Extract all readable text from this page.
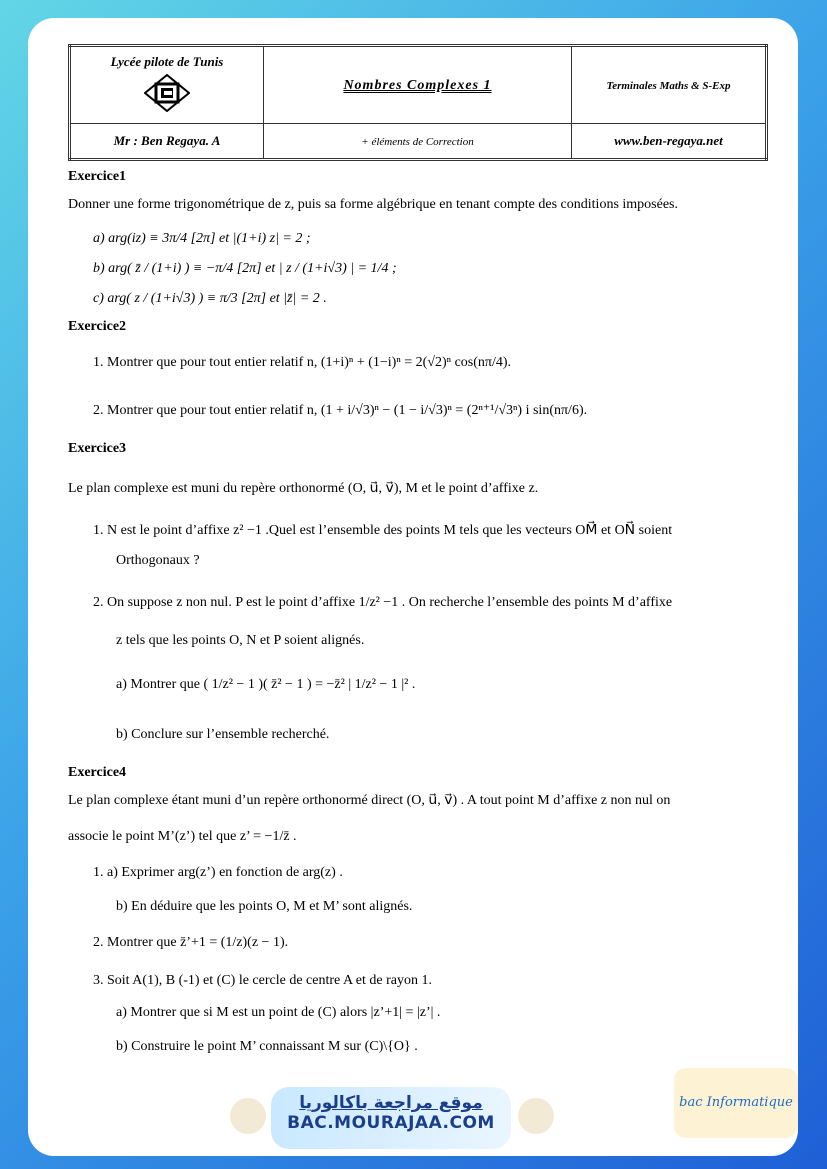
Lycée pilote de Tunis	Nombres Complexes 1	Terminales Maths & S-Exp
Mr : Ben Regaya. A	+ éléments de Correction	www.ben-regaya.net
Exercice1

Donner une forme trigonométrique de z, puis sa forme algébrique en tenant compte des conditions imposées.

a) arg(iz) ≡ 3π/4 [2π] et |(1+i) z| = 2 ;

b) arg( z̄ / (1+i) ) ≡ −π/4 [2π] et | z / (1+i√3) | = 1/4 ;

c) arg( z / (1+i√3) ) ≡ π/3 [2π] et |z̄| = 2 .

Exercice2

1. Montrer que pour tout entier relatif n, (1+i)ⁿ + (1−i)ⁿ = 2(√2)ⁿ cos(nπ/4).

2. Montrer que pour tout entier relatif n, (1 + i/√3)ⁿ − (1 − i/√3)ⁿ = (2ⁿ⁺¹/√3ⁿ) i sin(nπ/6).

Exercice3

Le plan complexe est muni du repère orthonormé (O, u⃗, v⃗), M et le point d’affixe z.

1. N est le point d’affixe z² −1 .Quel est l’ensemble des points M tels que les vecteurs OM⃗ et ON⃗ soient

Orthogonaux ?

2. On suppose z non nul. P est le point d’affixe 1/z² −1 . On recherche l’ensemble des points M d’affixe

z tels que les points O, N et P soient alignés.

a) Montrer que ( 1/z² − 1 )( z̄² − 1 ) = −z̄² | 1/z² − 1 |² .

b) Conclure sur l’ensemble recherché.

Exercice4

Le plan complexe étant muni d’un repère orthonormé direct (O, u⃗, v⃗) . A tout point M d’affixe z non nul on

associe le point M’(z’) tel que z’ = −1/z̄ .

1. a) Exprimer arg(z’) en fonction de arg(z) .

b) En déduire que les points O, M et M’ sont alignés.

2. Montrer que z̄’+1 = (1/z)(z − 1).

3. Soit A(1), B (-1) et (C) le cercle de centre A et de rayon 1.

a) Montrer que si M est un point de (C) alors |z’+1| = |z’| .

b) Construire le point M’ connaissant M sur (C)\{O} .

موقع مراجعة باكالوريا
BAC.MOURAJAA.COM
bac Informatique
